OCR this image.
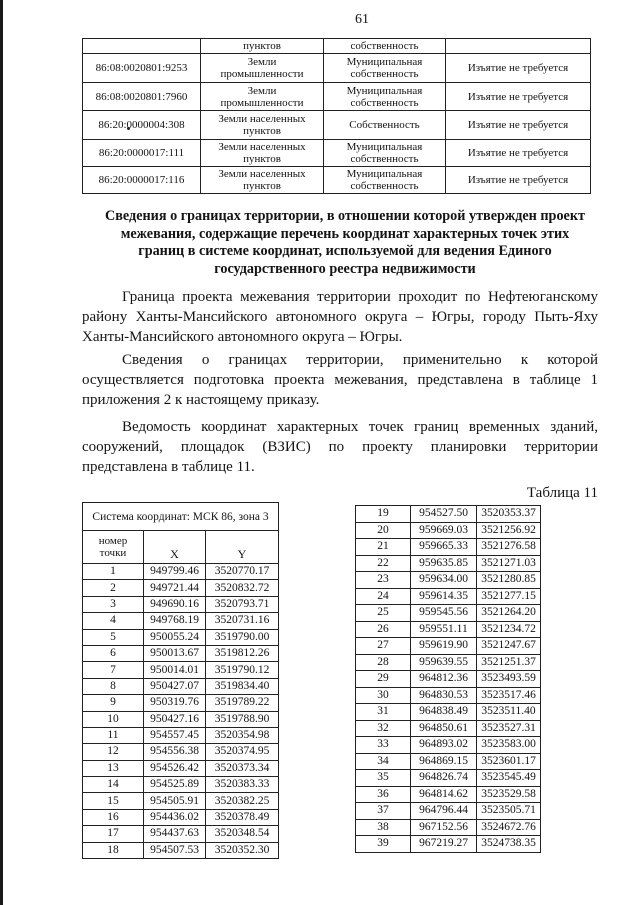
61
	пунктов	собственность	
86:08:0020801:9253	Земли промышленности	Муниципальная собственность	Изъятие не требуется
86:08:0020801:7960	Земли промышленности	Муниципальная собственность	Изъятие не требуется
86:20:0000004:308	Земли населенных пунктов	Собственность	Изъятие не требуется
86:20:0000017:111	Земли населенных пунктов	Муниципальная собственность	Изъятие не требуется
86:20:0000017:116	Земли населенных пунктов	Муниципальная собственность	Изъятие не требуется
Сведения о границах территории, в отношении которой утвержден проект
межевания, содержащие перечень координат характерных точек этих
границ в системе координат, используемой для ведения Единого
государственного реестра недвижимости
Граница проекта межевания территории проходит по Нефтеюганскому
району Ханты-Мансийского автономного округа – Югры, городу Пыть-Яху
Ханты-Мансийского автономного округа – Югры.
Сведения о границах территории, применительно к которой
осуществляется подготовка проекта межевания, представлена в таблице 1
приложения 2 к настоящему приказу.
Ведомость координат характерных точек границ временных зданий,
сооружений, площадок (ВЗИС) по проекту планировки территории
представлена в таблице 11.
Таблица 11
Система координат: МСК 86, зона 3		
номер точки	X	Y
1	949799.46	3520770.17
2	949721.44	3520832.72
3	949690.16	3520793.71
4	949768.19	3520731.16
5	950055.24	3519790.00
6	950013.67	3519812.26
7	950014.01	3519790.12
8	950427.07	3519834.40
9	950319.76	3519789.22
10	950427.16	3519788.90
11	954557.45	3520354.98
12	954556.38	3520374.95
13	954526.42	3520373.34
14	954525.89	3520383.33
15	954505.91	3520382.25
16	954436.02	3520378.49
17	954437.63	3520348.54
18	954507.53	3520352.30
19	954527.50	3520353.37
20	959669.03	3521256.92
21	959665.33	3521276.58
22	959635.85	3521271.03
23	959634.00	3521280.85
24	959614.35	3521277.15
25	959545.56	3521264.20
26	959551.11	3521234.72
27	959619.90	3521247.67
28	959639.55	3521251.37
29	964812.36	3523493.59
30	964830.53	3523517.46
31	964838.49	3523511.40
32	964850.61	3523527.31
33	964893.02	3523583.00
34	964869.15	3523601.17
35	964826.74	3523545.49
36	964814.62	3523529.58
37	964796.44	3523505.71
38	967152.56	3524672.76
39	967219.27	3524738.35
